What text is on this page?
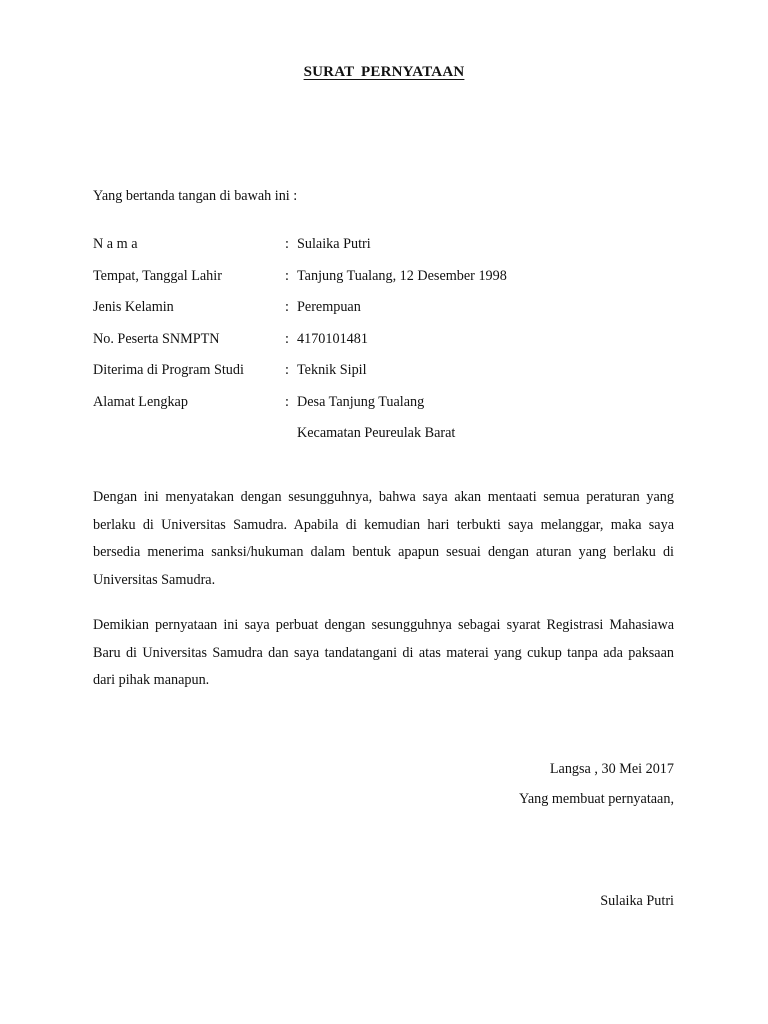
SURAT PERNYATAAN
Yang bertanda tangan di bawah ini :
N a m a	: Sulaika Putri
Tempat, Tanggal Lahir	: Tanjung Tualang, 12 Desember 1998
Jenis Kelamin	: Perempuan
No. Peserta SNMPTN	: 4170101481
Diterima di Program Studi	: Teknik Sipil
Alamat Lengkap	: Desa Tanjung Tualang
Kecamatan Peureulak Barat

Dengan ini menyatakan dengan sesungguhnya, bahwa saya akan mentaati semua peraturan yang berlaku di Universitas Samudra. Apabila di kemudian hari terbukti saya melanggar, maka saya bersedia menerima sanksi/hukuman dalam bentuk apapun sesuai dengan aturan yang berlaku di Universitas Samudra.

Demikian pernyataan ini saya perbuat dengan sesungguhnya sebagai syarat Registrasi Mahasiawa Baru di Universitas Samudra dan saya tandatangani di atas materai yang cukup tanpa ada paksaan dari pihak manapun.

Langsa , 30 Mei 2017
Yang membuat pernyataan,
Sulaika Putri
